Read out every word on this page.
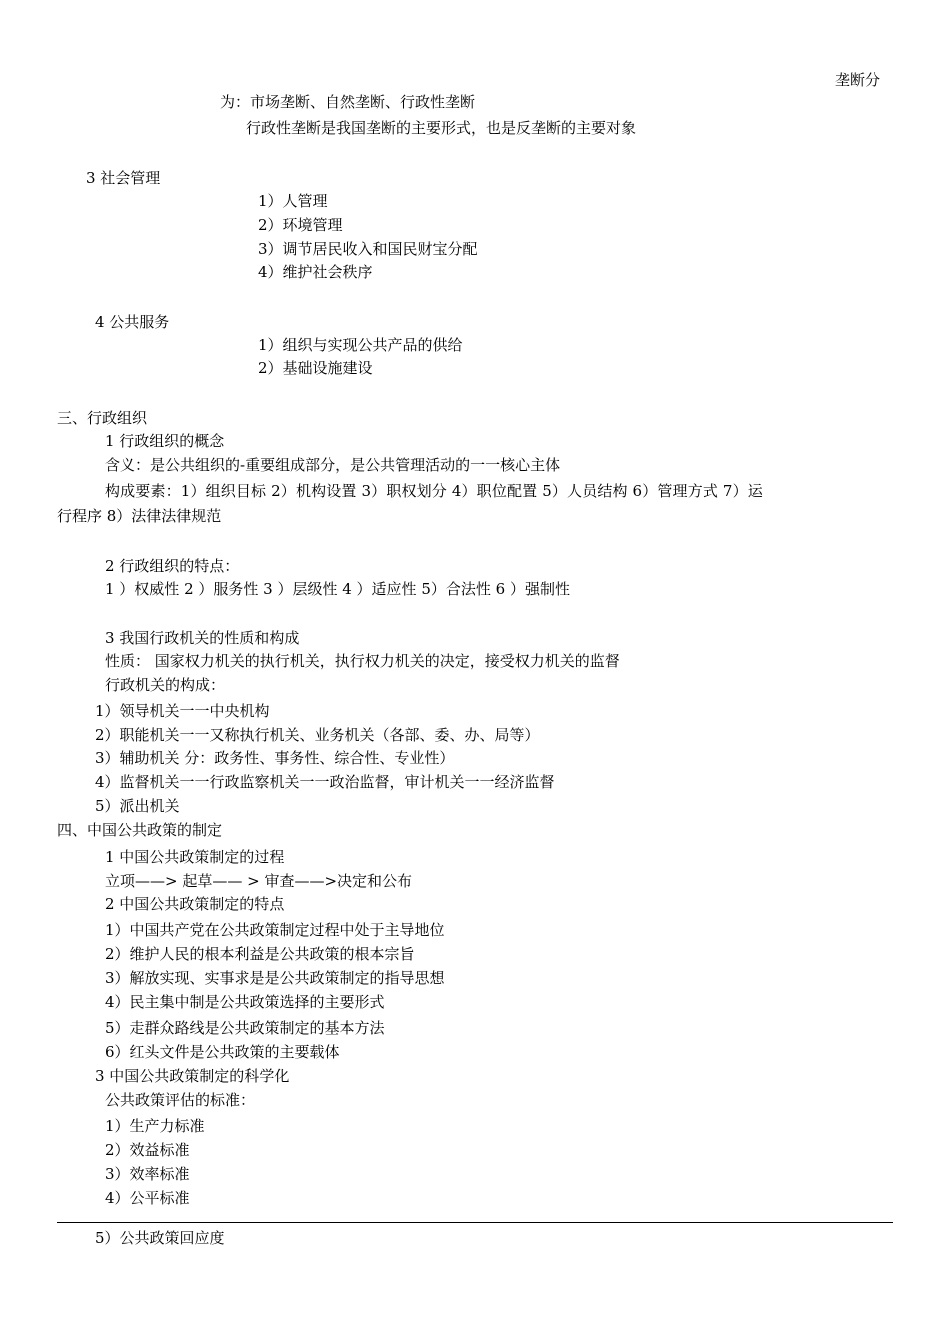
垄断分
为：市场垄断、自然垄断、行政性垄断
行政性垄断是我国垄断的主要形式，也是反垄断的主要对象
3 社会管理
1）人管理
2）环境管理
3）调节居民收入和国民财宝分配
4）维护社会秩序
4 公共服务
1）组织与实现公共产品的供给
2）基础设施建设
三、行政组织
1 行政组织的概念
含义：是公共组织的-重要组成部分，是公共管理活动的一一核心主体
构成要素：1）组织目标 2）机构设置 3）职权划分 4）职位配置 5）人员结构 6）管理方式 7）运
行程序 8）法律法律规范
2 行政组织的特点：
1 ）权威性 2 ）服务性 3 ）层级性 4 ）适应性 5）合法性 6 ）强制性
3 我国行政机关的性质和构成
性质： 国家权力机关的执行机关，执行权力机关的决定，接受权力机关的监督
行政机关的构成：
1）领导机关一一中央机构
2）职能机关一一又称执行机关、业务机关（各部、委、办、局等）
3）辅助机关 分：政务性、事务性、综合性、专业性）
4）监督机关一一行政监察机关一一政治监督，审计机关一一经济监督
5）派出机关
四、中国公共政策的制定
1 中国公共政策制定的过程
立项——> 起草—— > 审查——>决定和公布
2 中国公共政策制定的特点
1）中国共产党在公共政策制定过程中处于主导地位
2）维护人民的根本利益是公共政策的根本宗旨
3）解放实现、实事求是是公共政策制定的指导思想
4）民主集中制是公共政策选择的主要形式
5）走群众路线是公共政策制定的基本方法
6）红头文件是公共政策的主要载体
3 中国公共政策制定的科学化
公共政策评估的标准：
1）生产力标准
2）效益标准
3）效率标准
4）公平标准
5）公共政策回应度
